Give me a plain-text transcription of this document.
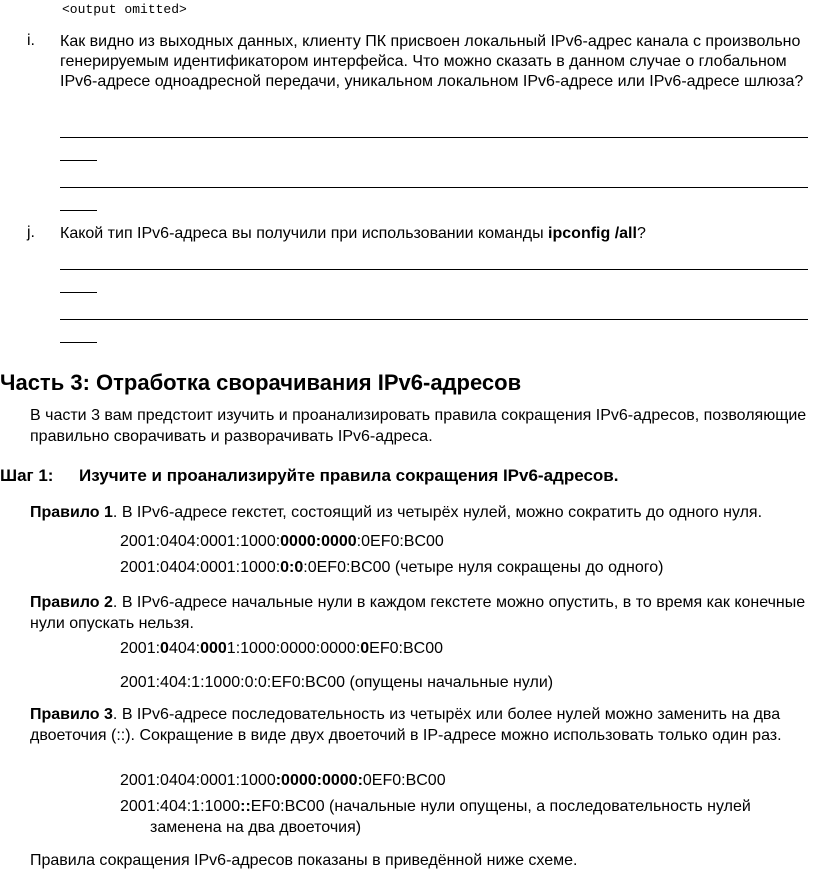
<output omitted>
i. Как видно из выходных данных, клиенту ПК присвоен локальный IPv6-адрес канала с произвольно генерируемым идентификатором интерфейса. Что можно сказать в данном случае о глобальном IPv6-адресе одноадресной передачи, уникальном локальном IPv6-адресе или IPv6-адресе шлюза?
j. Какой тип IPv6-адреса вы получили при использовании команды ipconfig /all?
Часть 3: Отработка сворачивания IPv6-адресов
В части 3 вам предстоит изучить и проанализировать правила сокращения IPv6-адресов, позволяющие правильно сворачивать и разворачивать IPv6-адреса.
Шаг 1: Изучите и проанализируйте правила сокращения IPv6-адресов.
Правило 1. В IPv6-адресе гекстет, состоящий из четырёх нулей, можно сократить до одного нуля.
2001:0404:0001:1000:0000:0000:0EF0:BC00
2001:0404:0001:1000:0:0:0EF0:BC00 (четыре нуля сокращены до одного)
Правило 2. В IPv6-адресе начальные нули в каждом гекстете можно опустить, в то время как конечные нули опускать нельзя.
2001:0404:0001:1000:0000:0000:0EF0:BC00
2001:404:1:1000:0:0:EF0:BC00 (опущены начальные нули)
Правило 3. В IPv6-адресе последовательность из четырёх или более нулей можно заменить на два двоеточия (::). Сокращение в виде двух двоеточий в IP-адресе можно использовать только один раз.
2001:0404:0001:1000:0000:0000:0EF0:BC00
2001:404:1:1000::EF0:BC00 (начальные нули опущены, а последовательность нулей
заменена на два двоеточия)
Правила сокращения IPv6-адресов показаны в приведённой ниже схеме.
